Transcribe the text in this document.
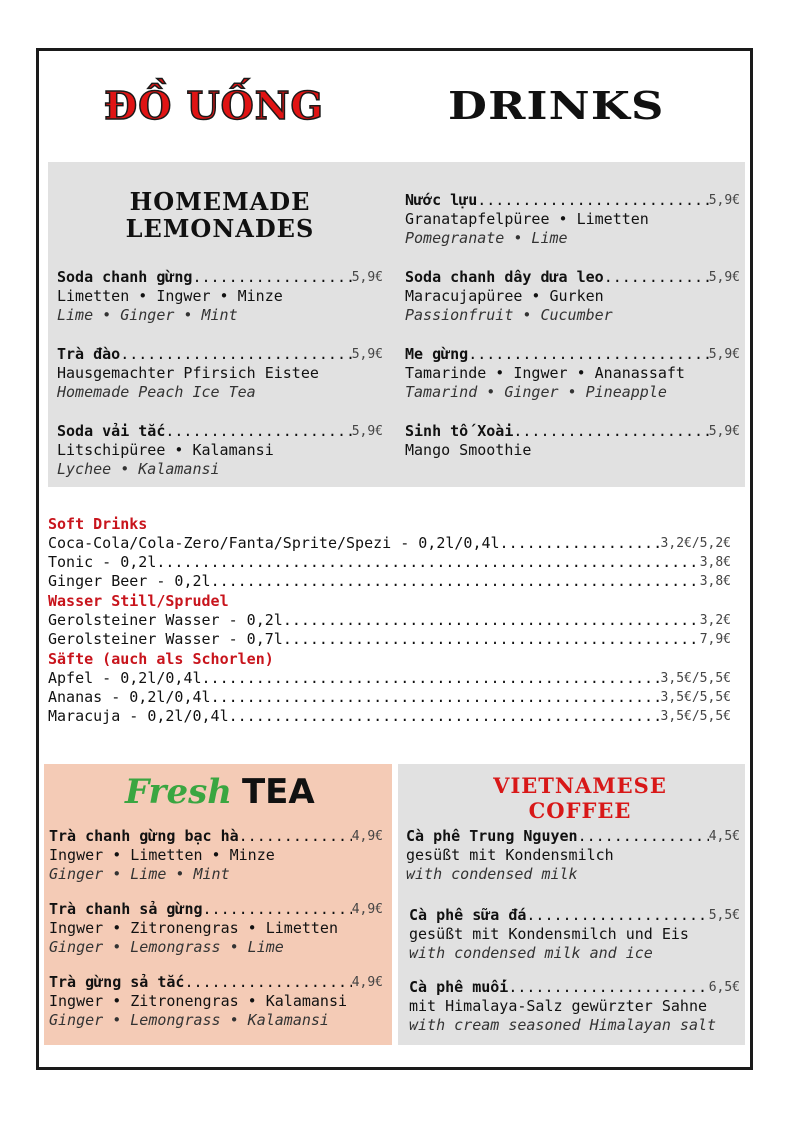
ĐỒ UỐNG	DRINKS
HOMEMADE
LEMONADES
Soda chanh gừng .....	5,9€
Limetten • Ingwer • Minze
Lime • Ginger • Mint
Trà đào .....	5,9€
Hausgemachter Pfirsich Eistee
Homemade Peach Ice Tea
Soda vải tắc .....	5,9€
Litschipüree • Kalamansi
Lychee • Kalamansi
Nước lựu .....	5,9€
Granatapfelpüree • Limetten
Pomegranate • Lime
Soda chanh dây dưa leo .....	5,9€
Maracujapüree • Gurken
Passionfruit • Cucumber
Me gừng .....	5,9€
Tamarinde • Ingwer • Ananassaft
Tamarind • Ginger • Pineapple
Sinh tố Xoài .....	5,9€
Mango Smoothie
Soft Drinks
Coca-Cola/Cola-Zero/Fanta/Sprite/Spezi - 0,2l/0,4l .....	3,2€/5,2€
Tonic - 0,2l .....	3,8€
Ginger Beer - 0,2l .....	3,8€
Wasser Still/Sprudel
Gerolsteiner Wasser - 0,2l .....	3,2€
Gerolsteiner Wasser - 0,7l .....	7,9€
Säfte (auch als Schorlen)
Apfel - 0,2l/0,4l .....	3,5€/5,5€
Ananas - 0,2l/0,4l .....	3,5€/5,5€
Maracuja - 0,2l/0,4l .....	3,5€/5,5€
Fresh TEA
Trà chanh gừng bạc hà .....	4,9€
Ingwer • Limetten • Minze
Ginger • Lime • Mint
Trà chanh sả gừng .....	4,9€
Ingwer • Zitronengras • Limetten
Ginger • Lemongrass • Lime
Trà gừng sả tắc .....	4,9€
Ingwer • Zitronengras • Kalamansi
Ginger • Lemongrass • Kalamansi
VIETNAMESE
COFFEE
Cà phê Trung Nguyen .....	4,5€
gesüßt mit Kondensmilch
with condensed milk
Cà phê sữa đá .....	5,5€
gesüßt mit Kondensmilch und Eis
with condensed milk and ice
Cà phê muối .....	6,5€
mit Himalaya-Salz gewürzter Sahne
with cream seasoned Himalayan salt
